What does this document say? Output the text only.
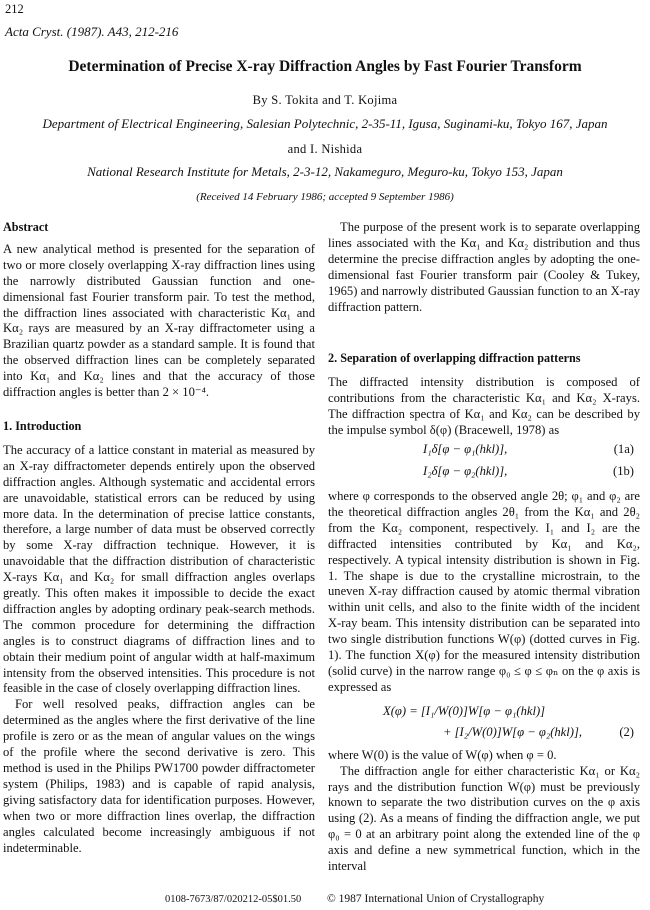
212
Acta Cryst. (1987). A43, 212-216
Determination of Precise X-ray Diffraction Angles by Fast Fourier Transform
By S. Tokita and T. Kojima
Department of Electrical Engineering, Salesian Polytechnic, 2-35-11, Igusa, Suginami-ku, Tokyo 167, Japan
and I. Nishida
National Research Institute for Metals, 2-3-12, Nakameguro, Meguro-ku, Tokyo 153, Japan
(Received 14 February 1986; accepted 9 September 1986)

Abstract

A new analytical method is presented for the separation of two or more closely overlapping X-ray diffraction lines using the narrowly distributed Gaussian function and one-dimensional fast Fourier transform pair. To test the method, the diffraction lines associated with characteristic Kα₁ and Kα₂ rays are measured by an X-ray diffractometer using a Brazilian quartz powder as a standard sample. It is found that the observed diffraction lines can be completely separated into Kα₁ and Kα₂ lines and that the accuracy of those diffraction angles is better than 2 × 10⁻⁴.

1. Introduction

The accuracy of a lattice constant in material as measured by an X-ray diffractometer depends entirely upon the observed diffraction angles. Although systematic and accidental errors are unavoidable, statistical errors can be reduced by using more data. In the determination of precise lattice constants, therefore, a large number of data must be observed correctly by some X-ray diffraction technique. However, it is unavoidable that the diffraction distribution of characteristic X-rays Kα₁ and Kα₂ for small diffraction angles overlaps greatly. This often makes it impossible to decide the exact diffraction angles by adopting ordinary peak-search methods. The common procedure for determining the diffraction angles is to construct diagrams of diffraction lines and to obtain their medium point of angular width at half-maximum intensity from the observed intensities. This procedure is not feasible in the case of closely overlapping diffraction lines.

For well resolved peaks, diffraction angles can be determined as the angles where the first derivative of the line profile is zero or as the mean of angular values on the wings of the profile where the second derivative is zero. This method is used in the Philips PW1700 powder diffractometer system (Philips, 1983) and is capable of rapid analysis, giving satisfactory data for identification purposes. However, when two or more diffraction lines overlap, the diffraction angles calculated become increasingly ambiguous if not indeterminable.

The purpose of the present work is to separate overlapping lines associated with the Kα₁ and Kα₂ distribution and thus determine the precise diffraction angles by adopting the one-dimensional fast Fourier transform pair (Cooley & Tukey, 1965) and narrowly distributed Gaussian function to an X-ray diffraction pattern.

2. Separation of overlapping diffraction patterns

The diffracted intensity distribution is composed of contributions from the characteristic Kα₁ and Kα₂ X-rays. The diffraction spectra of Kα₁ and Kα₂ can be described by the impulse symbol δ(φ) (Bracewell, 1978) as

I₁δ[φ − φ₁(hkl)],	(1a)
I₂δ[φ − φ₂(hkl)],	(1b)

where φ corresponds to the observed angle 2θ; φ₁ and φ₂ are the theoretical diffraction angles 2θ₁ from the Kα₁ and 2θ₂ from the Kα₂ component, respectively. I₁ and I₂ are the diffracted intensities contributed by Kα₁ and Kα₂, respectively. A typical intensity distribution is shown in Fig. 1. The shape is due to the crystalline microstrain, to the uneven X-ray diffraction caused by atomic thermal vibration within unit cells, and also to the finite width of the incident X-ray beam. This intensity distribution can be separated into two single distribution functions W(φ) (dotted curves in Fig. 1). The function X(φ) for the measured intensity distribution (solid curve) in the narrow range φ₀ ≤ φ ≤ φₙ on the φ axis is expressed as

X(φ) = [I₁/W(0)]W[φ − φ₁(hkl)]
+ [I₂/W(0)]W[φ − φ₂(hkl)],	(2)

where W(0) is the value of W(φ) when φ = 0.

The diffraction angle for either characteristic Kα₁ or Kα₂ rays and the distribution function W(φ) must be previously known to separate the two distribution curves on the φ axis using (2). As a means of finding the diffraction angle, we put φ₀ = 0 at an arbitrary point along the extended line of the φ axis and define a new symmetrical function, which in the interval

0108-7673/87/020212-05$01.50 © 1987 International Union of Crystallography
